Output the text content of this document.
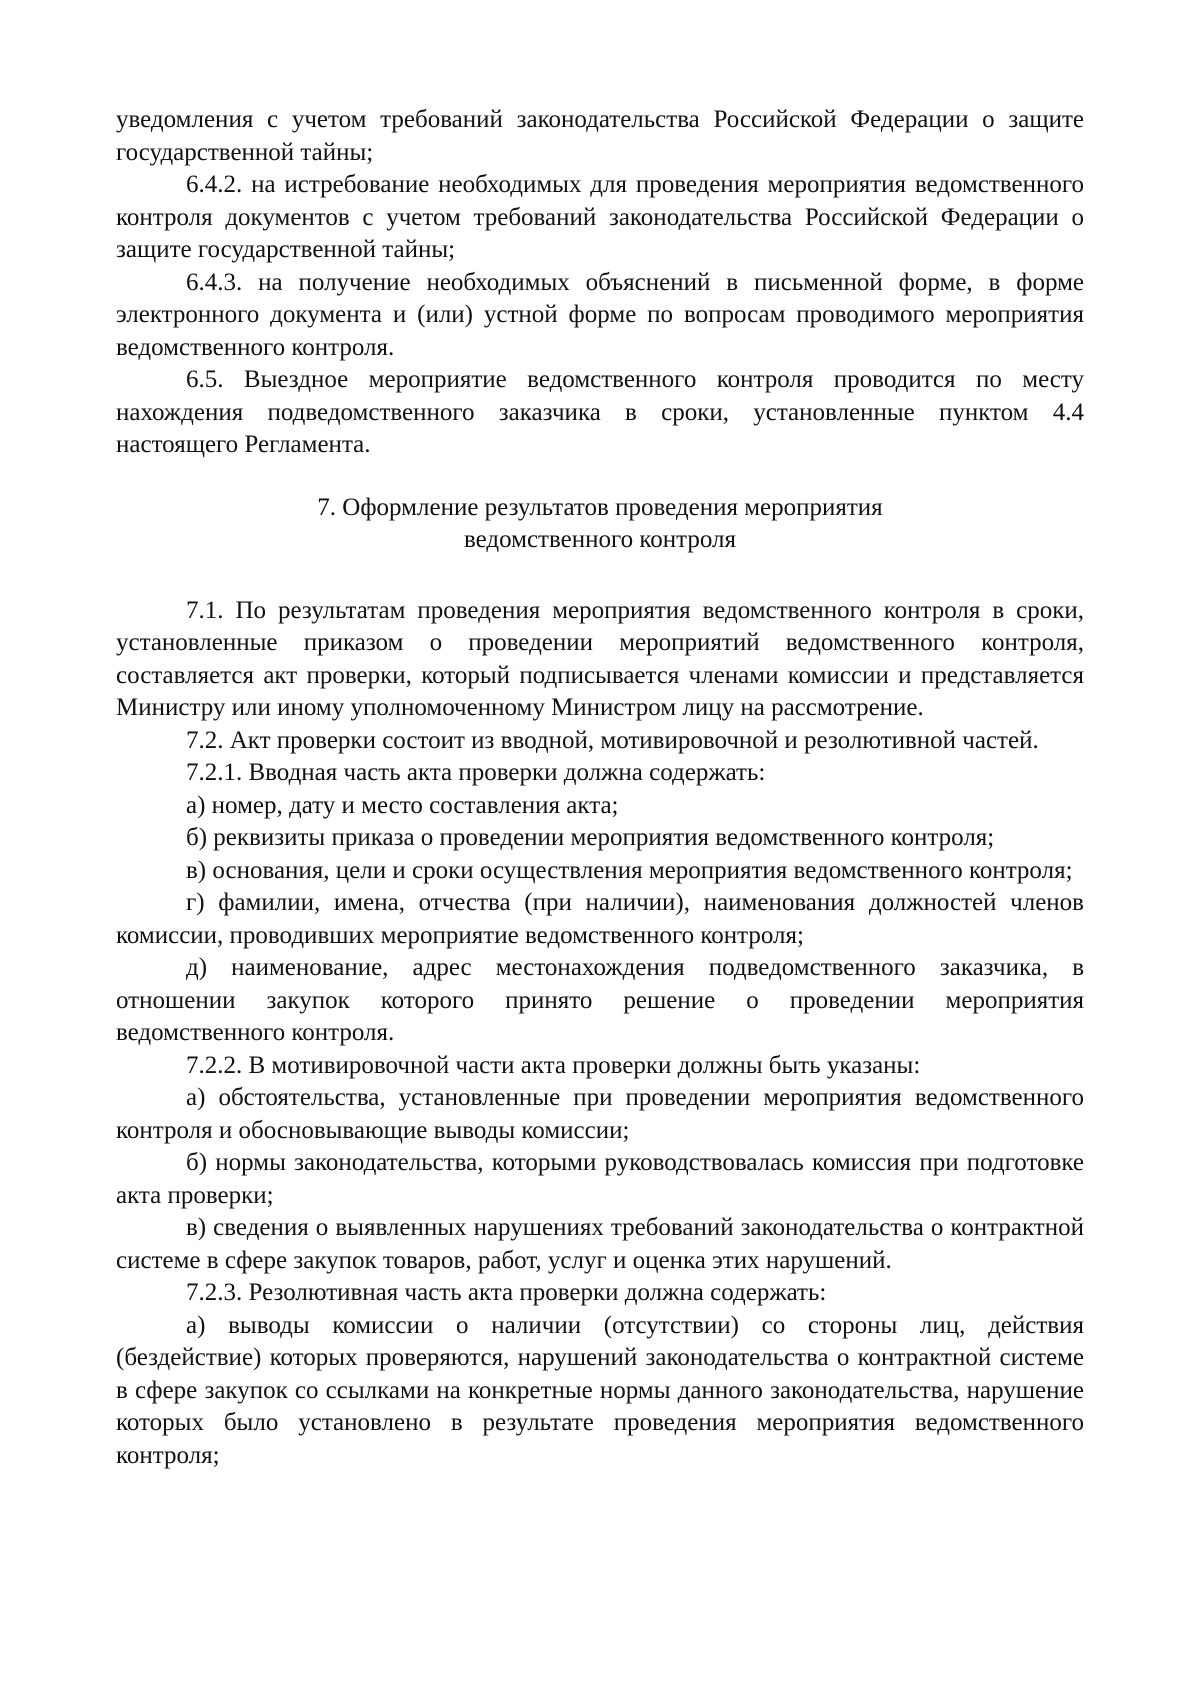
уведомления с учетом требований законодательства Российской Федерации о защите государственной тайны;

6.4.2. на истребование необходимых для проведения мероприятия ведомственного контроля документов с учетом требований законодательства Российской Федерации о защите государственной тайны;

6.4.3. на получение необходимых объяснений в письменной форме, в форме электронного документа и (или) устной форме по вопросам проводимого мероприятия ведомственного контроля.

6.5. Выездное мероприятие ведомственного контроля проводится по месту нахождения подведомственного заказчика в сроки, установленные пунктом 4.4 настоящего Регламента.

7. Оформление результатов проведения мероприятия
ведомственного контроля

7.1. По результатам проведения мероприятия ведомственного контроля в сроки, установленные приказом о проведении мероприятий ведомственного контроля, составляется акт проверки, который подписывается членами комиссии и представляется Министру или иному уполномоченному Министром лицу на рассмотрение.

7.2. Акт проверки состоит из вводной, мотивировочной и резолютивной частей.

7.2.1. Вводная часть акта проверки должна содержать:

а) номер, дату и место составления акта;

б) реквизиты приказа о проведении мероприятия ведомственного контроля;

в) основания, цели и сроки осуществления мероприятия ведомственного контроля;

г) фамилии, имена, отчества (при наличии), наименования должностей членов комиссии, проводивших мероприятие ведомственного контроля;

д) наименование, адрес местонахождения подведомственного заказчика, в отношении закупок которого принято решение о проведении мероприятия ведомственного контроля.

7.2.2. В мотивировочной части акта проверки должны быть указаны:

а) обстоятельства, установленные при проведении мероприятия ведомственного контроля и обосновывающие выводы комиссии;

б) нормы законодательства, которыми руководствовалась комиссия при подготовке акта проверки;

в) сведения о выявленных нарушениях требований законодательства о контрактной системе в сфере закупок товаров, работ, услуг и оценка этих нарушений.

7.2.3. Резолютивная часть акта проверки должна содержать:

а) выводы комиссии о наличии (отсутствии) со стороны лиц, действия (бездействие) которых проверяются, нарушений законодательства о контрактной системе в сфере закупок со ссылками на конкретные нормы данного законодательства, нарушение которых было установлено в результате проведения мероприятия ведомственного контроля;
